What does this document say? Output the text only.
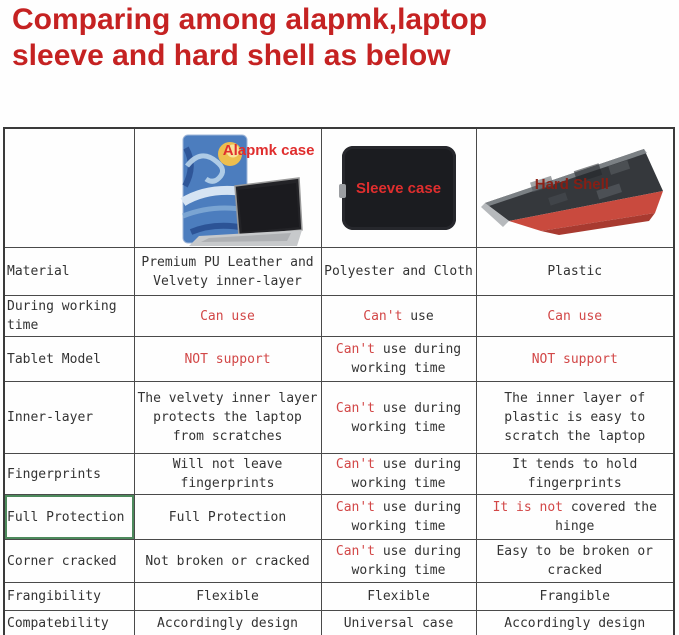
Comparing among alapmk,laptop
sleeve and hard shell as below

	Alapmk case	Sleeve case	Hard Shell

Material	Premium PU Leather and Velvety inner-layer	Polyester and Cloth	Plastic
During working time	Can use	Can't use	Can use
Tablet Model	NOT support	Can't use during working time	NOT support
Inner-layer	The velvety inner layer protects the laptop from scratches	Can't use during working time	The inner layer of plastic is easy to scratch the laptop
Fingerprints	Will not leave fingerprints	Can't use during working time	It tends to hold fingerprints
Full Protection	Full Protection	Can't use during working time	It is not covered the hinge
Corner cracked	Not broken or cracked	Can't use during working time	Easy to be broken or cracked
Frangibility	Flexible	Flexible	Frangible
Compatebility	Accordingly design	Universal case	Accordingly design
